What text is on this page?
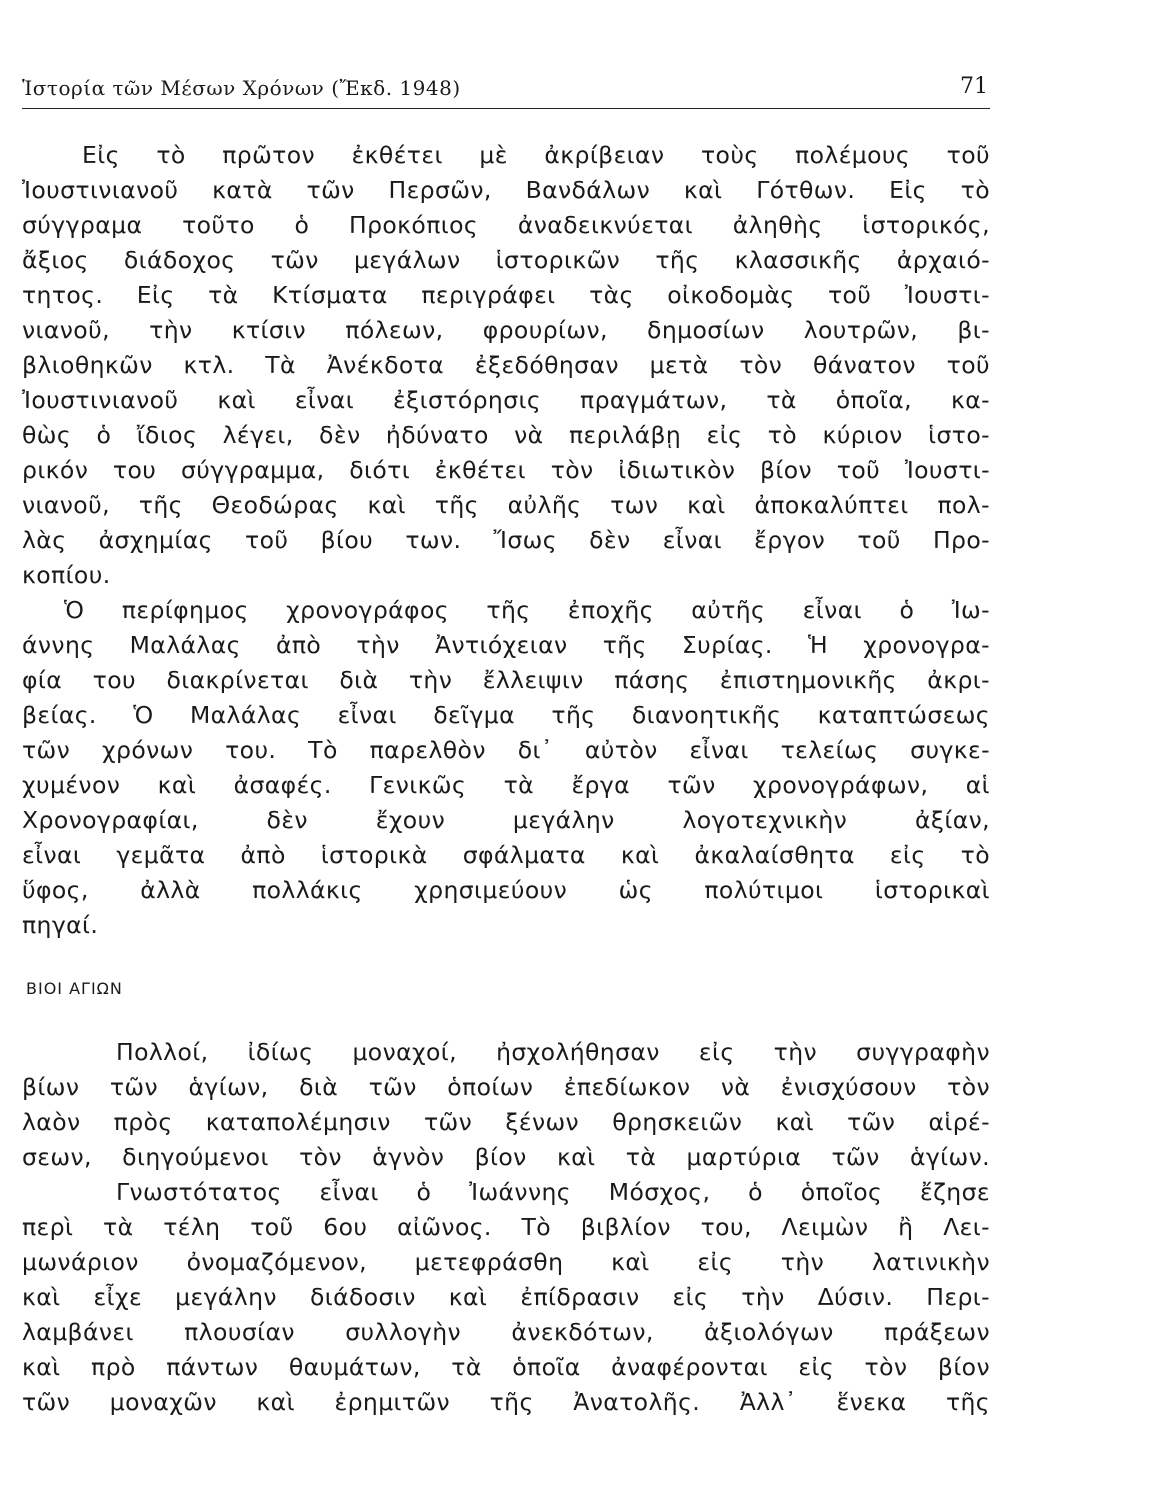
Ἱστορία τῶν Μέσων Χρόνων (Ἔκδ. 1948)	71
Εἰς τὸ πρῶτον ἐκθέτει μὲ ἀκρίβειαν τοὺς πολέμους τοῦ
Ἰουστινιανοῦ κατὰ τῶν Περσῶν, Βανδάλων καὶ Γότθων. Εἰς τὸ
σύγγραμα τοῦτο ὁ Προκόπιος ἀναδεικνύεται ἀληθὴς ἱστορικός,
ἄξιος διάδοχος τῶν μεγάλων ἱστορικῶν τῆς κλασσικῆς ἀρχαιό-
τητος. Εἰς τὰ Κτίσματα περιγράφει τὰς οἰκοδομὰς τοῦ Ἰουστι-
νιανοῦ, τὴν κτίσιν πόλεων, φρουρίων, δημοσίων λουτρῶν, βι-
βλιοθηκῶν κτλ. Τὰ Ἀνέκδοτα ἐξεδόθησαν μετὰ τὸν θάνατον τοῦ
Ἰουστινιανοῦ καὶ εἶναι ἐξιστόρησις πραγμάτων, τὰ ὁποῖα, κα-
θὼς ὁ ἴδιος λέγει, δὲν ἠδύνατο νὰ περιλάβῃ εἰς τὸ κύριον ἱστο-
ρικόν του σύγγραμμα, διότι ἐκθέτει τὸν ἰδιωτικὸν βίον τοῦ Ἰουστι-
νιανοῦ, τῆς Θεοδώρας καὶ τῆς αὐλῆς των καὶ ἀποκαλύπτει πολ-
λὰς ἀσχημίας τοῦ βίου των. Ἴσως δὲν εἶναι ἔργον τοῦ Προ-
κοπίου.
Ὁ περίφημος χρονογράφος τῆς ἐποχῆς αὐτῆς εἶναι ὁ Ἰω-
άννης Μαλάλας ἀπὸ τὴν Ἀντιόχειαν τῆς Συρίας. Ἡ χρονογρα-
φία του διακρίνεται διὰ τὴν ἔλλειψιν πάσης ἐπιστημονικῆς ἀκρι-
βείας. Ὁ Μαλάλας εἶναι δεῖγμα τῆς διανοητικῆς καταπτώσεως
τῶν χρόνων του. Τὸ παρελθὸν δι᾽ αὐτὸν εἶναι τελείως συγκε-
χυμένον καὶ ἀσαφές. Γενικῶς τὰ ἔργα τῶν χρονογράφων, αἱ
Χρονογραφίαι, δὲν ἔχουν μεγάλην λογοτεχνικὴν ἀξίαν,
εἶναι γεμᾶτα ἀπὸ ἱστορικὰ σφάλματα καὶ ἀκαλαίσθητα εἰς τὸ
ὕφος, ἀλλὰ πολλάκις χρησιμεύουν ὡς πολύτιμοι ἱστορικαὶ
πηγαί.
ΒΙΟΙ ΑΓΙΩΝ
Πολλοί, ἰδίως μοναχοί, ἠσχολήθησαν εἰς τὴν συγγραφὴν
βίων τῶν ἁγίων, διὰ τῶν ὁποίων ἐπεδίωκον νὰ ἐνισχύσουν τὸν
λαὸν πρὸς καταπολέμησιν τῶν ξένων θρησκειῶν καὶ τῶν αἱρέ-
σεων, διηγούμενοι τὸν ἁγνὸν βίον καὶ τὰ μαρτύρια τῶν ἁγίων.
Γνωστότατος εἶναι ὁ Ἰωάννης Μόσχος, ὁ ὁποῖος ἔζησε
περὶ τὰ τέλη τοῦ 6ου αἰῶνος. Τὸ βιβλίον του, Λειμὼν ἢ Λει-
μωνάριον ὀνομαζόμενον, μετεφράσθη καὶ εἰς τὴν λατινικὴν
καὶ εἶχε μεγάλην διάδοσιν καὶ ἐπίδρασιν εἰς τὴν Δύσιν. Περι-
λαμβάνει πλουσίαν συλλογὴν ἀνεκδότων, ἀξιολόγων πράξεων
καὶ πρὸ πάντων θαυμάτων, τὰ ὁποῖα ἀναφέρονται εἰς τὸν βίον
τῶν μοναχῶν καὶ ἐρημιτῶν τῆς Ἀνατολῆς. Ἀλλ᾽ ἕνεκα τῆς
